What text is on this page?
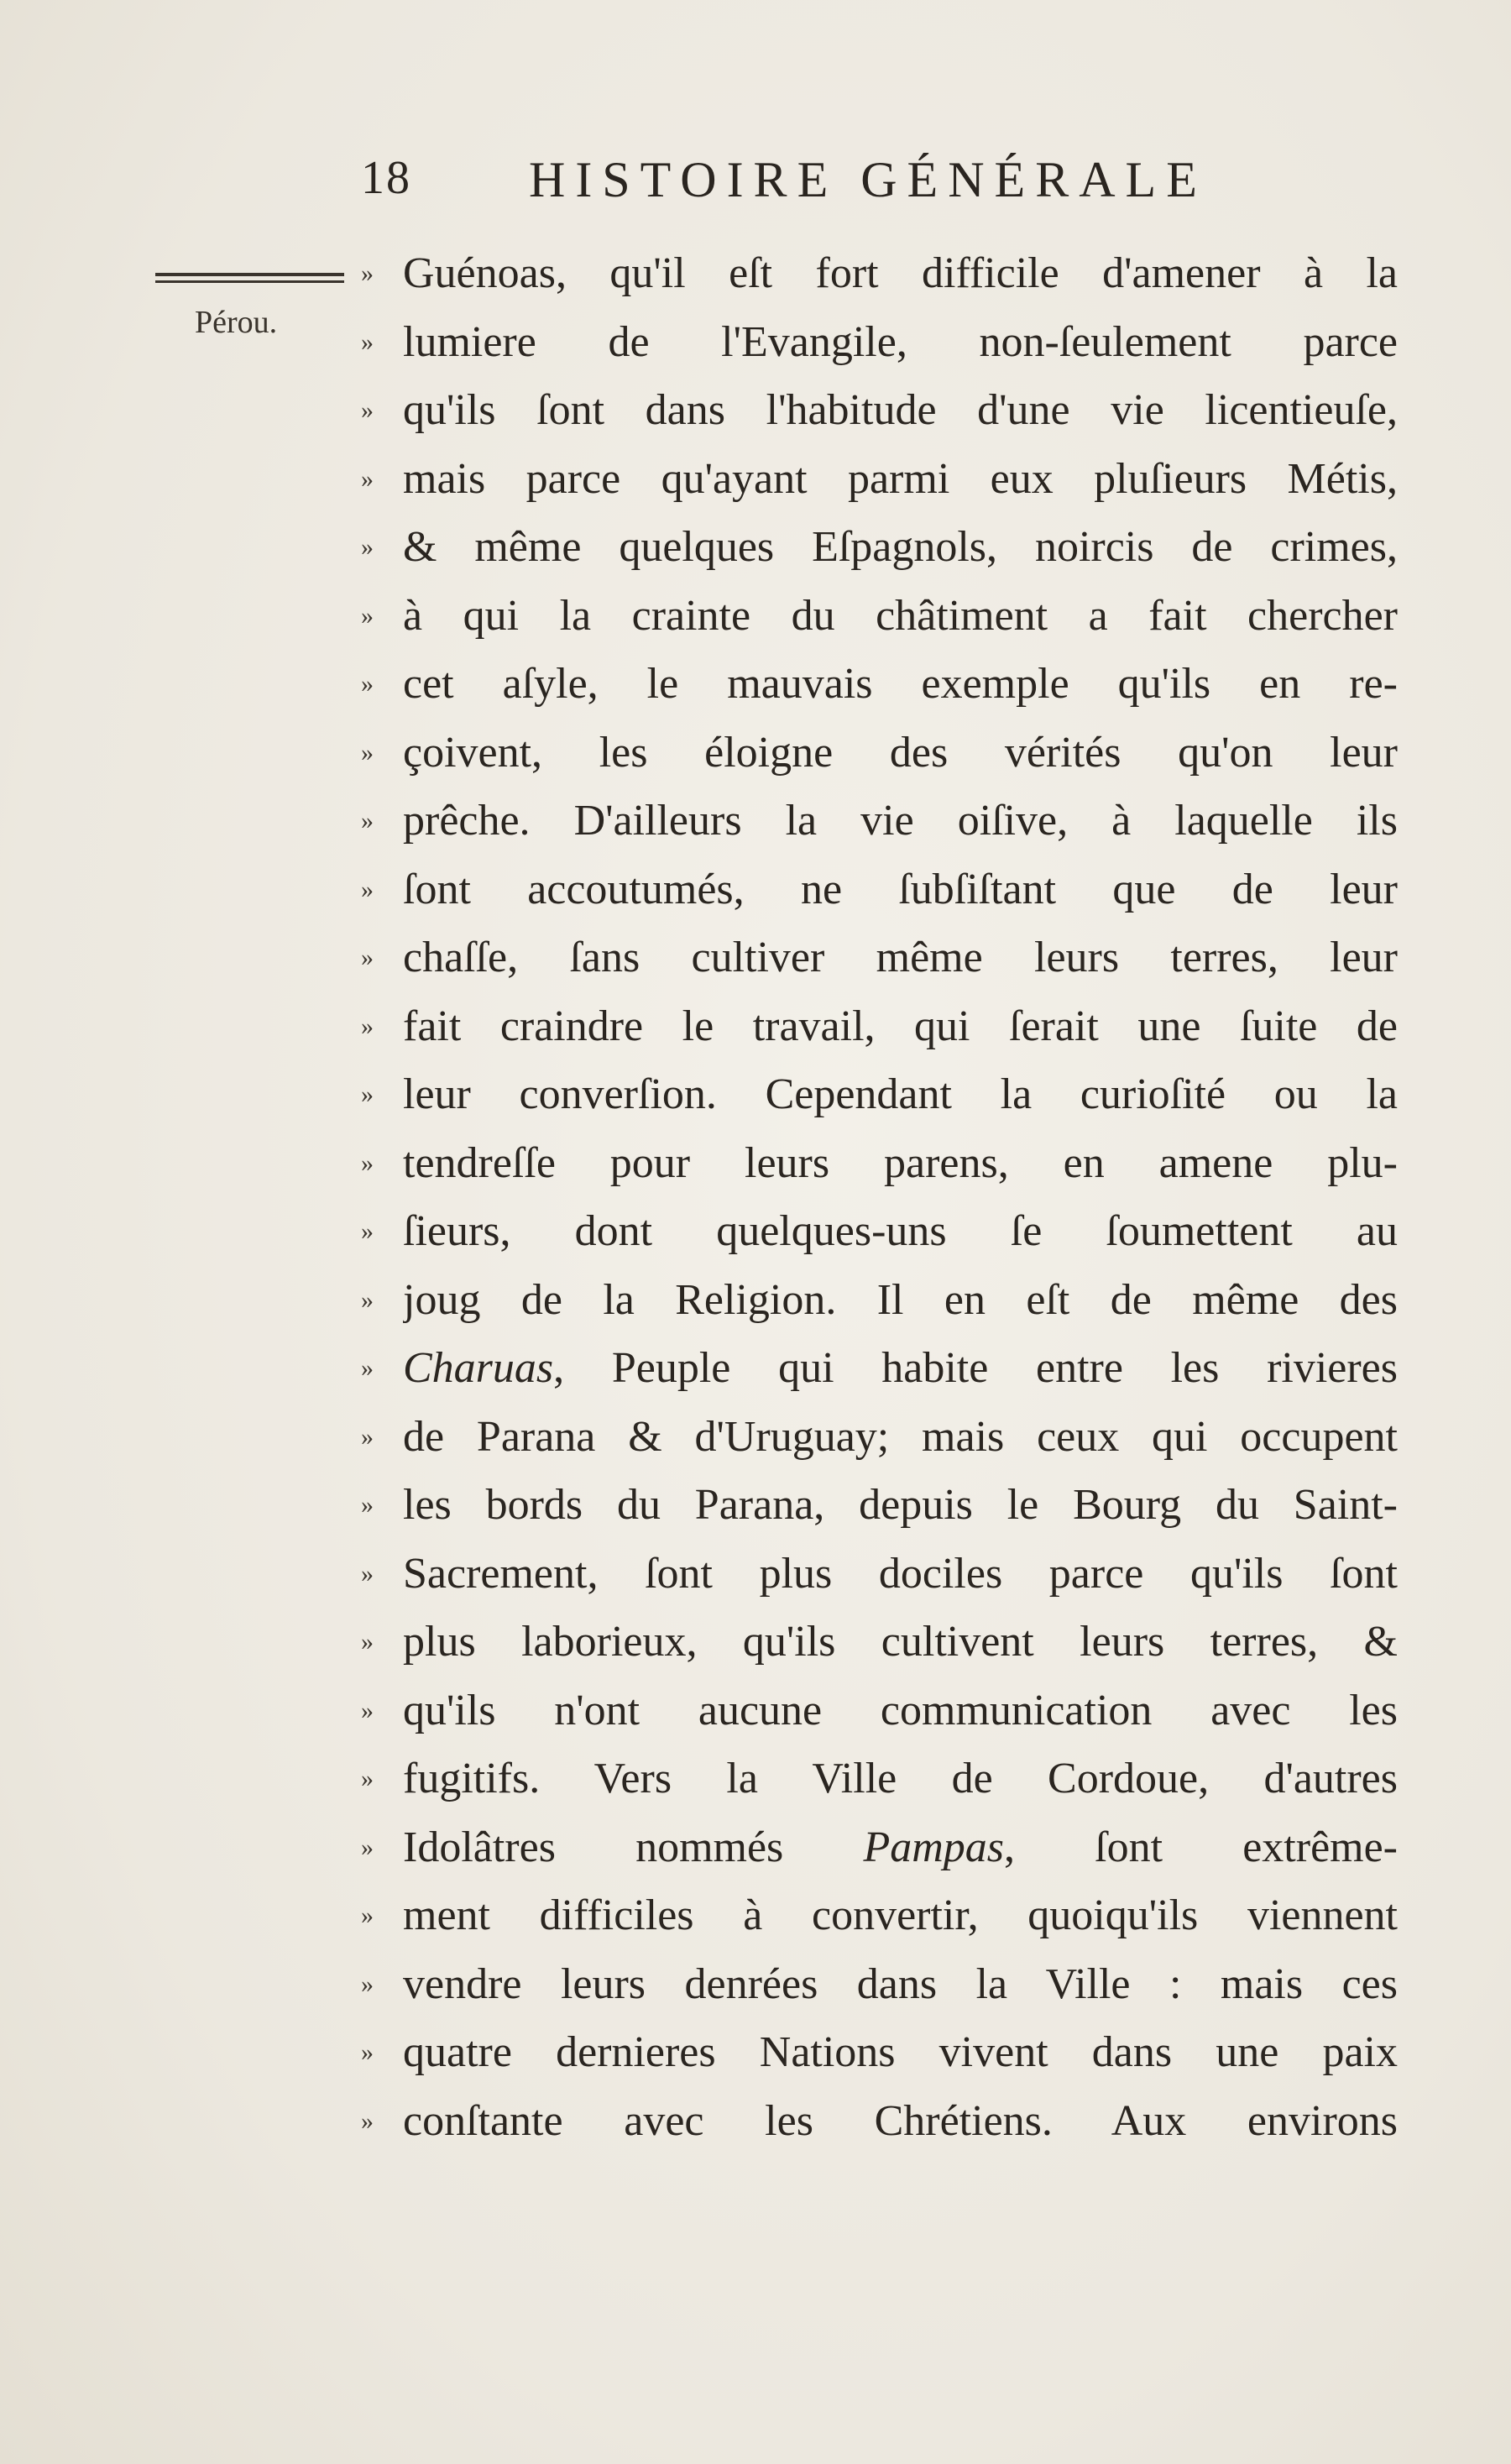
18 HISTOIRE GÉNÉRALE
Pérou.
» Guénoas, qu'il eſt fort difficile d'amener à la
» lumiere de l'Evangile, non-ſeulement parce
» qu'ils ſont dans l'habitude d'une vie licentieuſe,
» mais parce qu'ayant parmi eux pluſieurs Métis,
» & même quelques Eſpagnols, noircis de crimes,
» à qui la crainte du châtiment a fait chercher
» cet aſyle, le mauvais exemple qu'ils en re-
» çoivent, les éloigne des vérités qu'on leur
» prêche. D'ailleurs la vie oiſive, à laquelle ils
» ſont accoutumés, ne ſubſiſtant que de leur
» chaſſe, ſans cultiver même leurs terres, leur
» fait craindre le travail, qui ſerait une ſuite de
» leur converſion. Cependant la curioſité ou la
» tendreſſe pour leurs parens, en amene plu-
» ſieurs, dont quelques-uns ſe ſoumettent au
» joug de la Religion. Il en eſt de même des
» Charuas, Peuple qui habite entre les rivieres
» de Parana & d'Uruguay; mais ceux qui occupent
» les bords du Parana, depuis le Bourg du Saint-
» Sacrement, ſont plus dociles parce qu'ils ſont
» plus laborieux, qu'ils cultivent leurs terres, &
» qu'ils n'ont aucune communication avec les
» fugitifs. Vers la Ville de Cordoue, d'autres
» Idolâtres nommés Pampas, ſont extrême-
» ment difficiles à convertir, quoiqu'ils viennent
» vendre leurs denrées dans la Ville : mais ces
» quatre dernieres Nations vivent dans une paix
» conſtante avec les Chrétiens. Aux environs
